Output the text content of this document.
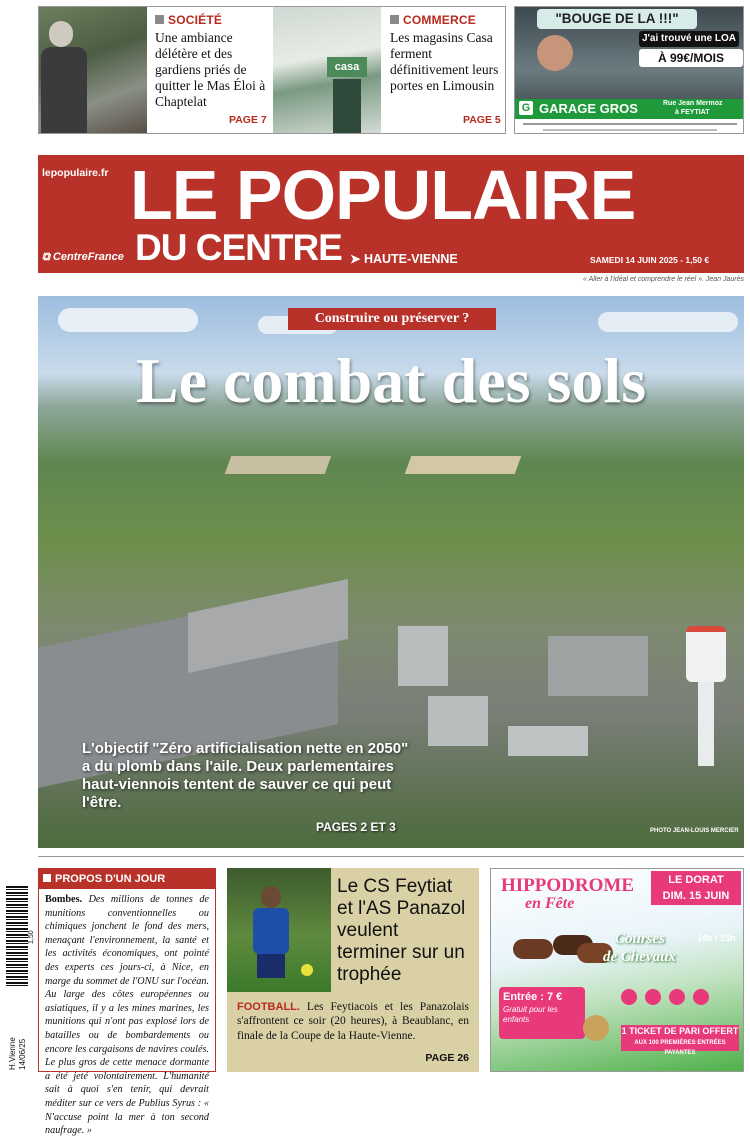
SOCIÉTÉ
Une ambiance délétère et des gardiens priés de quitter le Mas Éloi à Chaptelat
PAGE 7
casa
COMMERCE
Les magasins Casa ferment définitivement leurs portes en Limousin
PAGE 5
"BOUGE DE LA !!!"
J'ai trouvé une LOA
À 99€/MOIS
G GARAGE GROS	Rue Jean Mermoz
à FEYTIAT
lepopulaire.fr LE POPULAIRE
DU CENTRE ➤ HAUTE-VIENNE
⧉ CentreFrance	SAMEDI 14 JUIN 2025 - 1,50 €
« Aller à l'idéal et comprendre le réel ». Jean Jaurès
Construire ou préserver ?
Le combat des sols
L'objectif "Zéro artificialisation nette en 2050" a du plomb dans l'aile. Deux parlementaires haut-viennois tentent de sauver ce qui peut l'être.
PAGES 2 ET 3	PHOTO JEAN-LOUIS MERCIER
1,50
H.Vienne 14/06/25
PROPOS D'UN JOUR
Bombes. Des millions de tonnes de munitions conventionnelles ou chimiques jonchent le fond des mers, menaçant l'environnement, la santé et les activités économiques, ont pointé des experts ces jours-ci, à Nice, en marge du sommet de l'ONU sur l'océan. Au large des côtes européennes ou asiatiques, il y a les mines marines, les munitions qui n'ont pas explosé lors de batailles ou de bombardements ou encore les cargaisons de navires coulés. Le plus gros de cette menace dormante a été jeté volontairement. L'humanité sait à quoi s'en tenir, qui devrait méditer sur ce vers de Publius Syrus : « N'accuse point la mer à ton second naufrage. »
Le CS Feytiat et l'AS Panazol veulent terminer sur un trophée
FOOTBALL. Les Feytiacois et les Panazolais s'affrontent ce soir (20 heures), à Beaublanc, en finale de la Coupe de la Haute-Vienne.
PAGE 26
HIPPODROME
en Fête
LE DORAT
DIM. 15 JUIN
Courses
de Chevaux
14h / 15h
Entrée : 7 €
Gratuit pour les enfants
1 TICKET DE PARI OFFERT
AUX 100 PREMIÈRES ENTRÉES PAYANTES
